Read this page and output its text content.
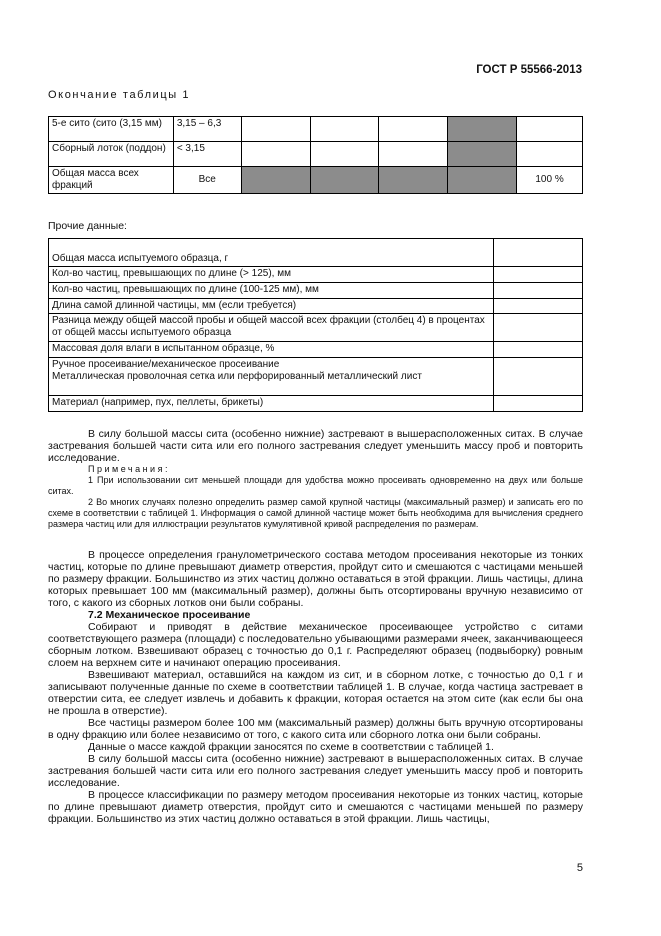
ГОСТ Р 55566-2013
Окончание таблицы 1
5-е сито (сито (3,15 мм)	3,15 – 6,3					
Сборный лоток (поддон)	< 3,15					
Общая масса всех фракций	Все					100 %
Прочие данные:
Общая масса испытуемого образца, г	
Кол-во частиц, превышающих по длине (> 125), мм	
Кол-во частиц, превышающих по длине (100-125 мм), мм	
Длина самой длинной частицы, мм (если требуется)	
Разница между общей массой пробы и общей массой всех фракции (столбец 4) в процентах от общей массы испытуемого образца	
Массовая доля влаги в испытанном образце, %	

Ручное просеивание/механическое просеивание
Металлическая проволочная сетка или перфорированный металлический лист	

Материал (например, пух, пеллеты, брикеты)	

В силу большой массы сита (особенно нижние) застревают в вышерасположенных ситах. В случае застревания большей части сита или его полного застревания следует уменьшить массу проб и повторить исследование.

Примечания:

1 При использовании сит меньшей площади для удобства можно просеивать одновременно на двух или больше ситах.

2 Во многих случаях полезно определить размер самой крупной частицы (максимальный размер) и записать его по схеме в соответствии с таблицей 1. Информация о самой длинной частице может быть необходима для вычисления среднего размера частиц или для иллюстрации результатов кумулятивной кривой распределения по размерам.

В процессе определения гранулометрического состава методом просеивания некоторые из тонких частиц, которые по длине превышают диаметр отверстия, пройдут сито и смешаются с частицами меньшей по размеру фракции. Большинство из этих частиц должно оставаться в этой фракции. Лишь частицы, длина которых превышает 100 мм (максимальный размер), должны быть отсортированы вручную независимо от того, с какого из сборных лотков они были собраны.

7.2 Механическое просеивание

Собирают и приводят в действие механическое просеивающее устройство с ситами соответствующего размера (площади) с последовательно убывающими размерами ячеек, заканчивающееся сборным лотком. Взвешивают образец с точностью до 0,1 г. Распределяют образец (подвыборку) ровным слоем на верхнем сите и начинают операцию просеивания.

Взвешивают материал, оставшийся на каждом из сит, и в сборном лотке, с точностью до 0,1 г и записывают полученные данные по схеме в соответствии таблицей 1. В случае, когда частица застревает в отверстии сита, ее следует извлечь и добавить к фракции, которая остается на этом сите (как если бы она не прошла в отверстие).

Все частицы размером более 100 мм (максимальный размер) должны быть вручную отсортированы в одну фракцию или более независимо от того, с какого сита или сборного лотка они были собраны.

Данные о массе каждой фракции заносятся по схеме в соответствии с таблицей 1.

В силу большой массы сита (особенно нижние) застревают в вышерасположенных ситах. В случае застревания большей части сита или его полного застревания следует уменьшить массу проб и повторить исследование.

В процессе классификации по размеру методом просеивания некоторые из тонких частиц, которые по длине превышают диаметр отверстия, пройдут сито и смешаются с частицами меньшей по размеру фракции. Большинство из этих частиц должно оставаться в этой фракции. Лишь частицы,

5
